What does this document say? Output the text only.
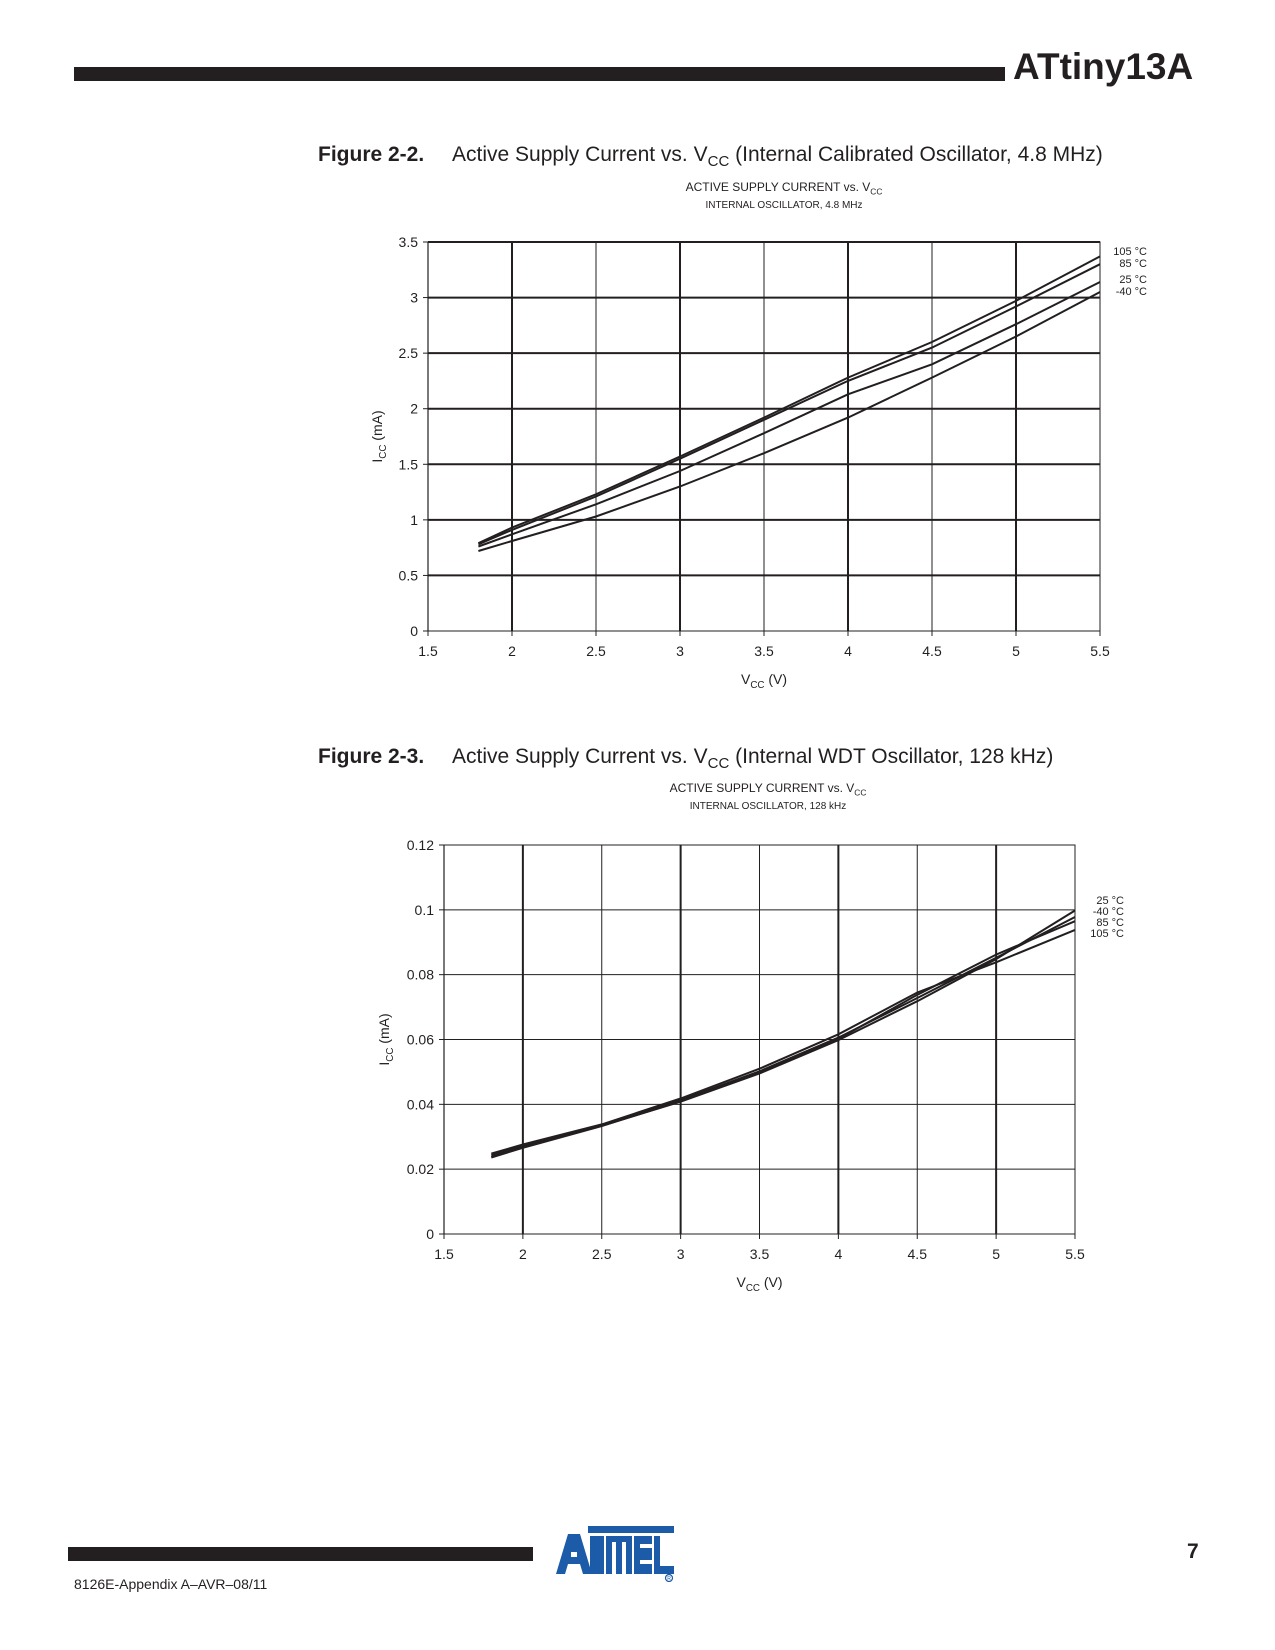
ATtiny13A
Figure 2-2. Active Supply Current vs. $V_{CC}$ (Internal Calibrated Oscillator, 4.8 MHz)
1.5	2	2.5	3	3.5	4	4.5	5	5.5
0
0.5
1
1.5
2
2.5
3
3.5
105 °C
85 °C
25 °C
-40 °C
ACTIVE SUPPLY CURRENT vs. $V_{CC}$
INTERNAL OSCILLATOR, 4.8 MHz
$V_{CC}$ (V)
$I_{CC}$ (mA)
Figure 2-3. Active Supply Current vs. $V_{CC}$ (Internal WDT Oscillator, 128 kHz)
1.5	2	2.5	3	3.5	4	4.5	5	5.5
0
0.02
0.04
0.06
0.08
0.1
0.12
25 °C
-40 °C
85 °C
105 °C
ACTIVE SUPPLY CURRENT vs. $V_{CC}$
INTERNAL OSCILLATOR, 128 kHz
$V_{CC}$ (V)
$I_{CC}$ (mA)
8126E-Appendix A–AVR–08/11
7
R
